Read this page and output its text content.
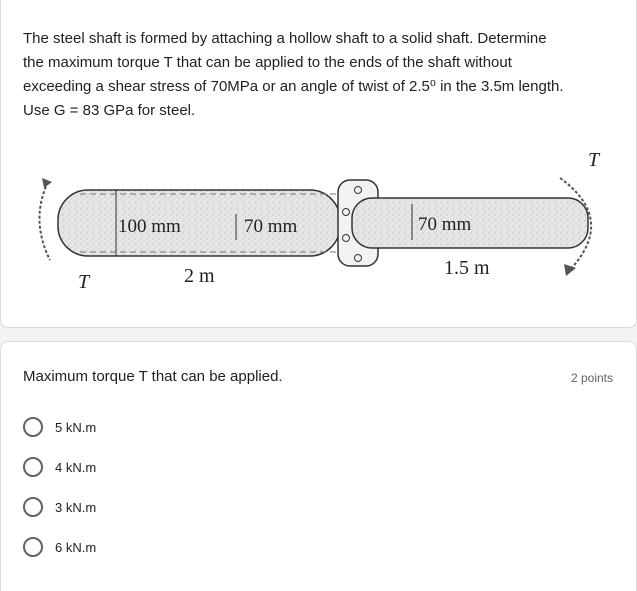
The steel shaft is formed by attaching a hollow shaft to a solid shaft. Determine
the maximum torque T that can be applied to the ends of the shaft without
exceeding a shear stress of 70MPa or an angle of twist of 2.5⁰ in the 3.5m length.
Use G = 83 GPa for steel.
T
100 mm	70 mm
2 m
70 mm
1.5 m
T
Maximum torque T that can be applied.	2 points
5 kN.m
4 kN.m
3 kN.m
6 kN.m
